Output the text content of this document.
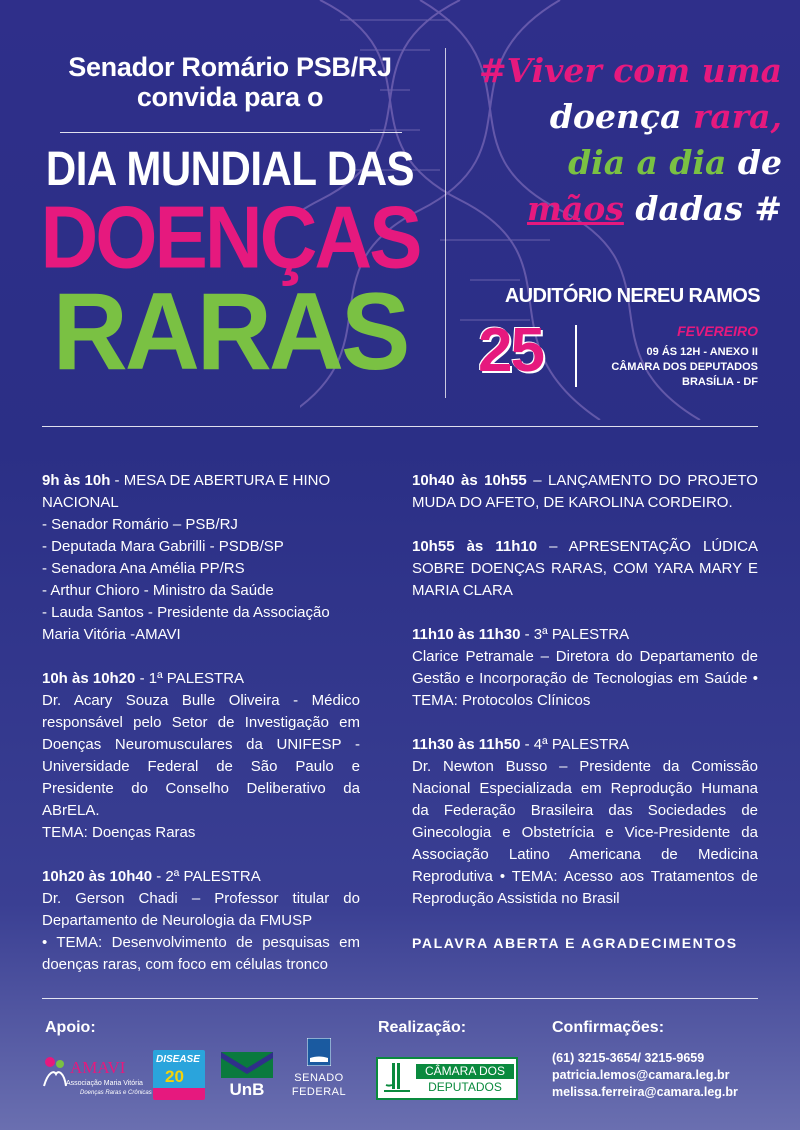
Senador Romário PSB/RJ
convida para o
DIA MUNDIAL DAS
DOENÇAS
RARAS
#Viver com uma
doença rara,
dia a dia de
mãos dadas #
AUDITÓRIO NEREU RAMOS
25	FEVEREIRO
09 ÁS 12H - ANEXO II
CÂMARA DOS DEPUTADOS
BRASÍLIA - DF
9h às 10h - MESA DE ABERTURA E HINO NACIONAL
- Senador Romário – PSB/RJ
- Deputada Mara Gabrilli - PSDB/SP
- Senadora Ana Amélia PP/RS
- Arthur Chioro - Ministro da Saúde
- Lauda Santos - Presidente da Associação Maria Vitória -AMAVI
10h às 10h20 - 1ª PALESTRA
Dr. Acary Souza Bulle Oliveira - Médico responsável pelo Setor de Investigação em Doenças Neuromusculares da UNIFESP - Universidade Federal de São Paulo e Presidente do Conselho Deliberativo da ABrELA.
TEMA: Doenças Raras
10h20 às 10h40 - 2ª PALESTRA
Dr. Gerson Chadi – Professor titular do Departamento de Neurologia da FMUSP
• TEMA: Desenvolvimento de pesquisas em doenças raras, com foco em células tronco
10h40 às 10h55 – LANÇAMENTO DO PROJETO MUDA DO AFETO, DE KAROLINA CORDEIRO.
10h55 às 11h10 – APRESENTAÇÃO LÚDICA SOBRE DOENÇAS RARAS, COM YARA MARY E MARIA CLARA
11h10 às 11h30 - 3ª PALESTRA
Clarice Petramale – Diretora do Departamento de Gestão e Incorporação de Tecnologias em Saúde • TEMA: Protocolos Clínicos
11h30 às 11h50 - 4ª PALESTRA
Dr. Newton Busso – Presidente da Comissão Nacional Especializada em Reprodução Humana da Federação Brasileira das Sociedades de Ginecologia e Obstetrícia e Vice-Presidente da Associação Latino Americana de Medicina Reprodutiva • TEMA: Acesso aos Tratamentos de Reprodução Assistida no Brasil
PALAVRA ABERTA E AGRADECIMENTOS
Apoio:	Realização:	Confirmações:
AMAVI
Associação Maria Vitória
Doenças Raras e Crônicas
DISEASE
20
UnB
SENADO
FEDERAL
CÂMARA DOS
DEPUTADOS
(61) 3215-3654/ 3215-9659
patricia.lemos@camara.leg.br
melissa.ferreira@camara.leg.br
